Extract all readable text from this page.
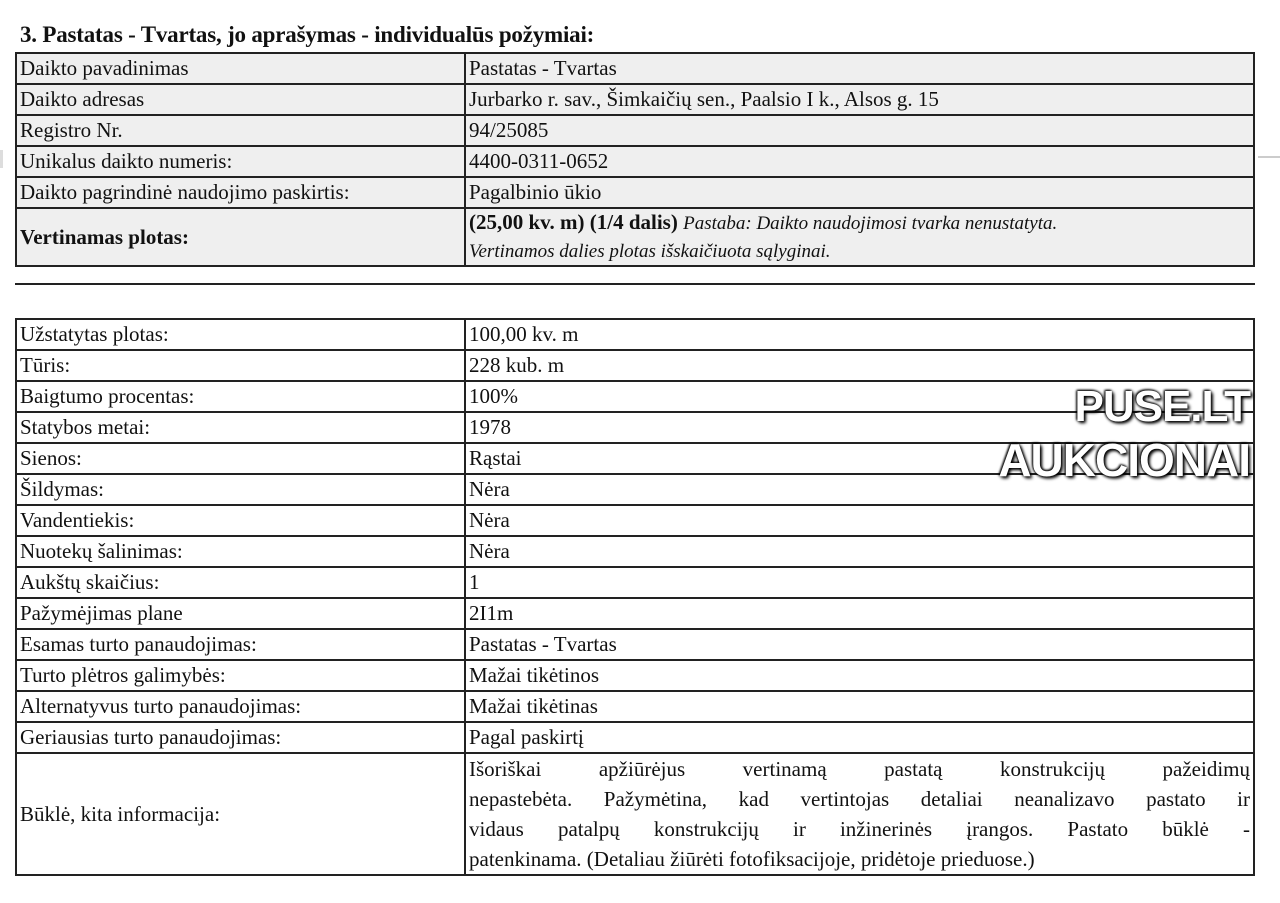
3. Pastatas - Tvartas, jo aprašymas - individualūs požymiai:
Daikto pavadinimas	Pastatas - Tvartas
Daikto adresas	Jurbarko r. sav., Šimkaičių sen., Paalsio I k., Alsos g. 15
Registro Nr.	94/25085
Unikalus daikto numeris:	4400-0311-0652
Daikto pagrindinė naudojimo paskirtis:	Pagalbinio ūkio
Vertinamas plotas:	(25,00 kv. m) (1/4 dalis) Pastaba: Daikto naudojimosi tvarka nenustatyta.
Vertinamos dalies plotas išskaičiuota sąlyginai.
Užstatytas plotas:	100,00 kv. m
Tūris:	228 kub. m
Baigtumo procentas:	100%
Statybos metai:	1978
Sienos:	Rąstai
Šildymas:	Nėra
Vandentiekis:	Nėra
Nuotekų šalinimas:	Nėra
Aukštų skaičius:	1
Pažymėjimas plane	2I1m
Esamas turto panaudojimas:	Pastatas - Tvartas
Turto plėtros galimybės:	Mažai tikėtinos
Alternatyvus turto panaudojimas:	Mažai tikėtinas
Geriausias turto panaudojimas:	Pagal paskirtį
Būklė, kita informacija:	Išoriškai apžiūrėjus vertinamą pastatą konstrukcijų pažeidimų
nepastebėta. Pažymėtina, kad vertintojas detaliai neanalizavo pastato ir
vidaus patalpų konstrukcijų ir inžinerinės įrangos. Pastato būklė -
patenkinama. (Detaliau žiūrėti fotofiksacijoje, pridėtoje prieduose.)
PUSE.LT
AUKCIONAI
